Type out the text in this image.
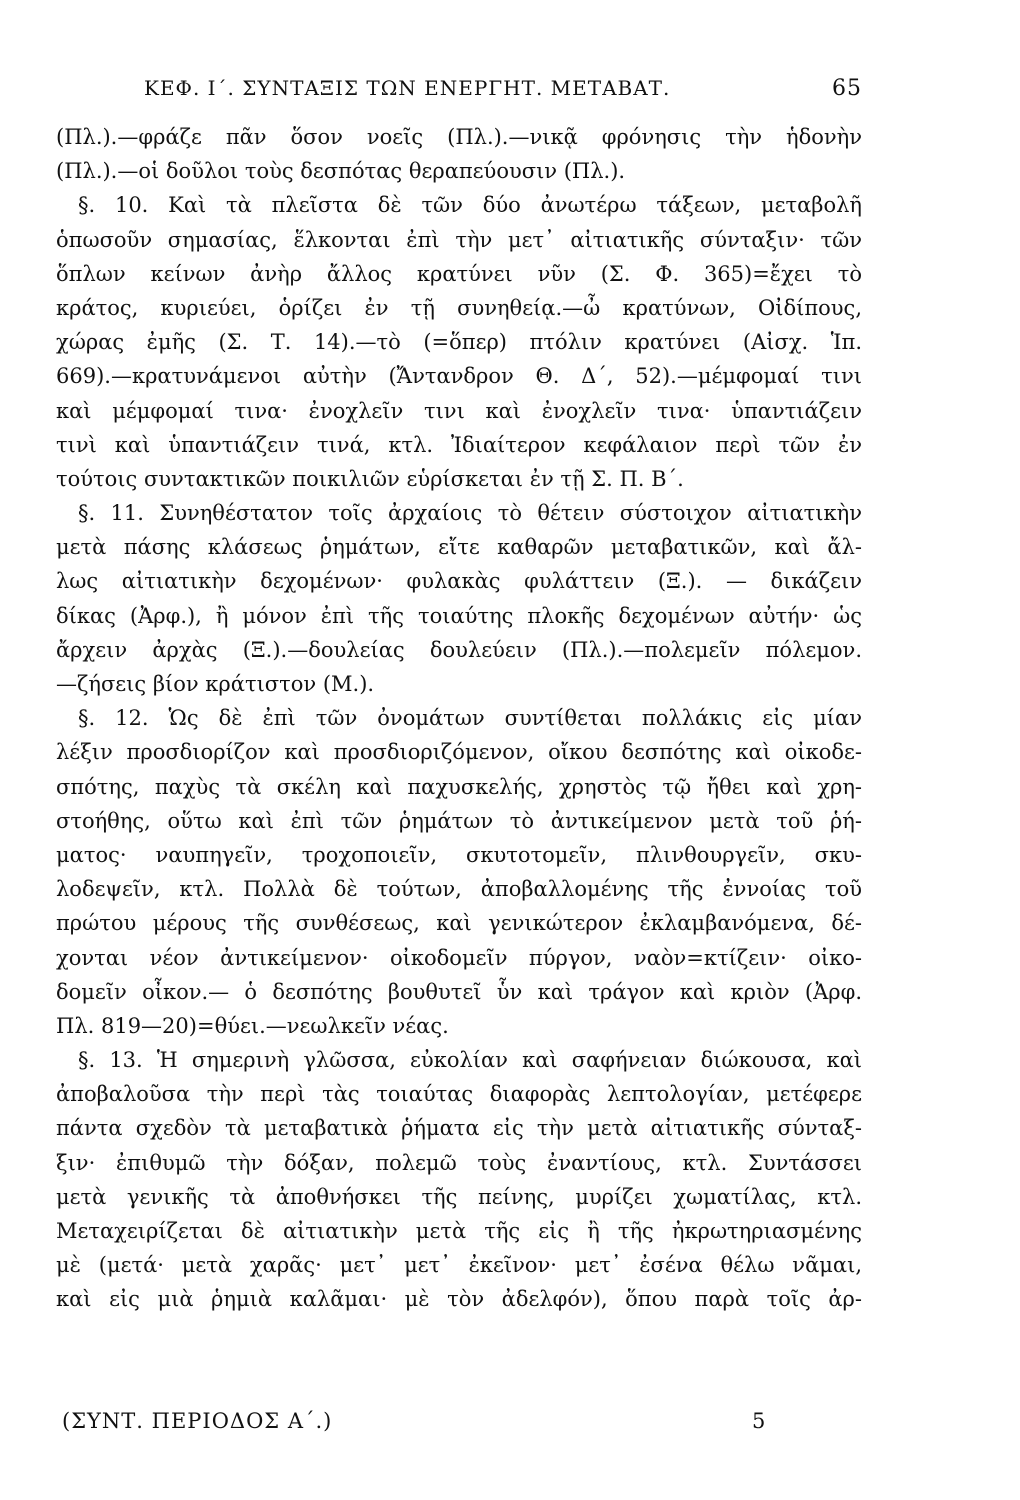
ΚΕΦ. Ι΄. ΣΥΝΤΑΞΙΣ ΤΩΝ ΕΝΕΡΓΗΤ. ΜΕΤΑΒΑΤ.	65
(Πλ.).—φράζε πᾶν ὅσον νοεῖς (Πλ.).—νικᾷ φρόνησις τὴν ἡδονὴν
(Πλ.).—οἱ δοῦλοι τοὺς δεσπότας θεραπεύουσιν (Πλ.).
§. 10. Καὶ τὰ πλεῖστα δὲ τῶν δύο ἀνωτέρω τάξεων, μεταβολῆ
ὁπωσοῦν σημασίας, ἕλκονται ἐπὶ τὴν μετ᾽ αἰτιατικῆς σύνταξιν· τῶν
ὅπλων κείνων ἀνὴρ ἄλλος κρατύνει νῦν (Σ. Φ. 365)=ἔχει τὸ
κράτος, κυριεύει, ὁρίζει ἐν τῇ συνηθείᾳ.—ὦ κρατύνων, Οἰδίπους,
χώρας ἐμῆς (Σ. Τ. 14).—τὸ (=ὅπερ) πτόλιν κρατύνει (Αἰσχ. Ἱπ.
669).—κρατυνάμενοι αὐτὴν (Ἄντανδρον Θ. Δ΄, 52).—μέμφομαί τινι
καὶ μέμφομαί τινα· ἐνοχλεῖν τινι καὶ ἐνοχλεῖν τινα· ὑπαντιάζειν
τινὶ καὶ ὑπαντιάζειν τινά, κτλ. Ἰδιαίτερον κεφάλαιον περὶ τῶν ἐν
τούτοις συντακτικῶν ποικιλιῶν εὑρίσκεται ἐν τῇ Σ. Π. Β΄.
§. 11. Συνηθέστατον τοῖς ἀρχαίοις τὸ θέτειν σύστοιχον αἰτιατικὴν
μετὰ πάσης κλάσεως ῥημάτων, εἴτε καθαρῶν μεταβατικῶν, καὶ ἄλ-
λως αἰτιατικὴν δεχομένων· φυλακὰς φυλάττειν (Ξ.). — δικάζειν
δίκας (Ἀρφ.), ἢ μόνον ἐπὶ τῆς τοιαύτης πλοκῆς δεχομένων αὐτήν· ὡς
ἄρχειν ἀρχὰς (Ξ.).—δουλείας δουλεύειν (Πλ.).—πολεμεῖν πόλεμον.
—ζήσεις βίον κράτιστον (Μ.).
§. 12. Ὡς δὲ ἐπὶ τῶν ὀνομάτων συντίθεται πολλάκις εἰς μίαν
λέξιν προσδιορίζον καὶ προσδιοριζόμενον, οἴκου δεσπότης καὶ οἰκοδε-
σπότης, παχὺς τὰ σκέλη καὶ παχυσκελής, χρηστὸς τῷ ἤθει καὶ χρη-
στοήθης, οὕτω καὶ ἐπὶ τῶν ῥημάτων τὸ ἀντικείμενον μετὰ τοῦ ῥή-
ματος· ναυπηγεῖν, τροχοποιεῖν, σκυτοτομεῖν, πλινθουργεῖν, σκυ-
λοδεψεῖν, κτλ. Πολλὰ δὲ τούτων, ἀποβαλλομένης τῆς ἐννοίας τοῦ
πρώτου μέρους τῆς συνθέσεως, καὶ γενικώτερον ἐκλαμβανόμενα, δέ-
χονται νέον ἀντικείμενον· οἰκοδομεῖν πύργον, ναὸν=κτίζειν· οἰκο-
δομεῖν οἶκον.— ὁ δεσπότης βουθυτεῖ ὗν καὶ τράγον καὶ κριὸν (Ἀρφ.
Πλ. 819—20)=θύει.—νεωλκεῖν νέας.
§. 13. Ἡ σημερινὴ γλῶσσα, εὐκολίαν καὶ σαφήνειαν διώκουσα, καὶ
ἀποβαλοῦσα τὴν περὶ τὰς τοιαύτας διαφορὰς λεπτολογίαν, μετέφερε
πάντα σχεδὸν τὰ μεταβατικὰ ῥήματα εἰς τὴν μετὰ αἰτιατικῆς σύνταξ-
ξιν· ἐπιθυμῶ τὴν δόξαν, πολεμῶ τοὺς ἐναντίους, κτλ. Συντάσσει
μετὰ γενικῆς τὰ ἀποθνήσκει τῆς πείνης, μυρίζει χωματίλας, κτλ.
Μεταχειρίζεται δὲ αἰτιατικὴν μετὰ τῆς εἰς ἢ τῆς ἠκρωτηριασμένης
μὲ (μετά· μετὰ χαρᾶς· μετ᾽ μετ᾽ ἐκεῖνον· μετ᾽ ἐσένα θέλω νᾶμαι,
καὶ εἰς μιὰ ῥημιὰ καλᾶμαι· μὲ τὸν ἀδελφόν), ὅπου παρὰ τοῖς ἀρ-
(ΣΥΝΤ. ΠΕΡΙΟΔΟΣ Α΄.)	5
